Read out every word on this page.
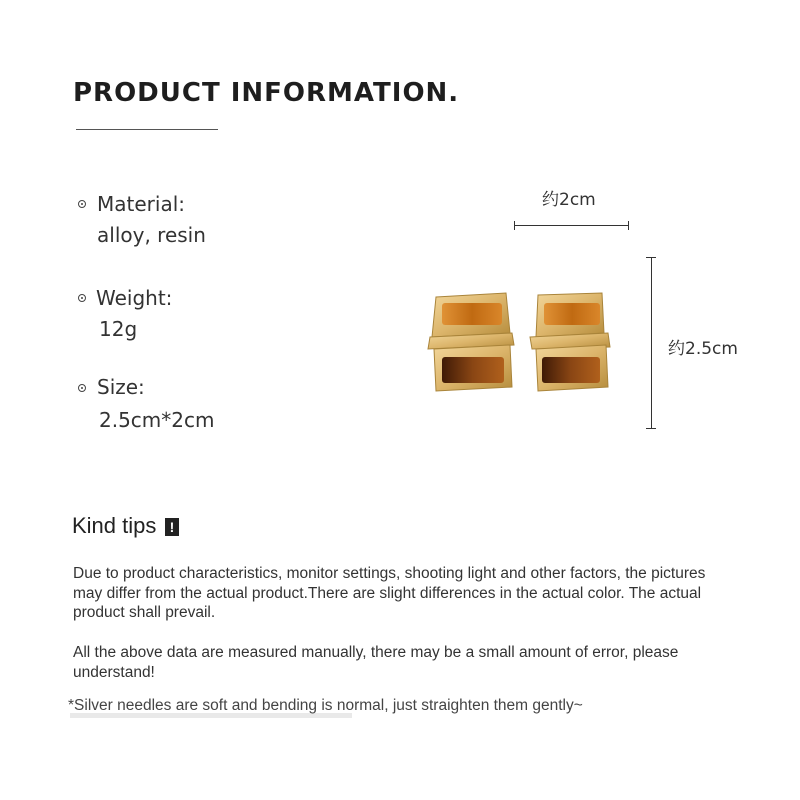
PRODUCT INFORMATION.
Material:
alloy, resin
Weight:
12g
Size:
2.5cm*2cm
约2cm
约2.5cm
Kind tips !
Due to product characteristics, monitor settings, shooting light and other factors, the pictures may differ from the actual product.There are slight differences in the actual color. The actual product shall prevail.
All the above data are measured manually, there may be a small amount of error, please understand!
*Silver needles are soft and bending is normal, just straighten them gently~
